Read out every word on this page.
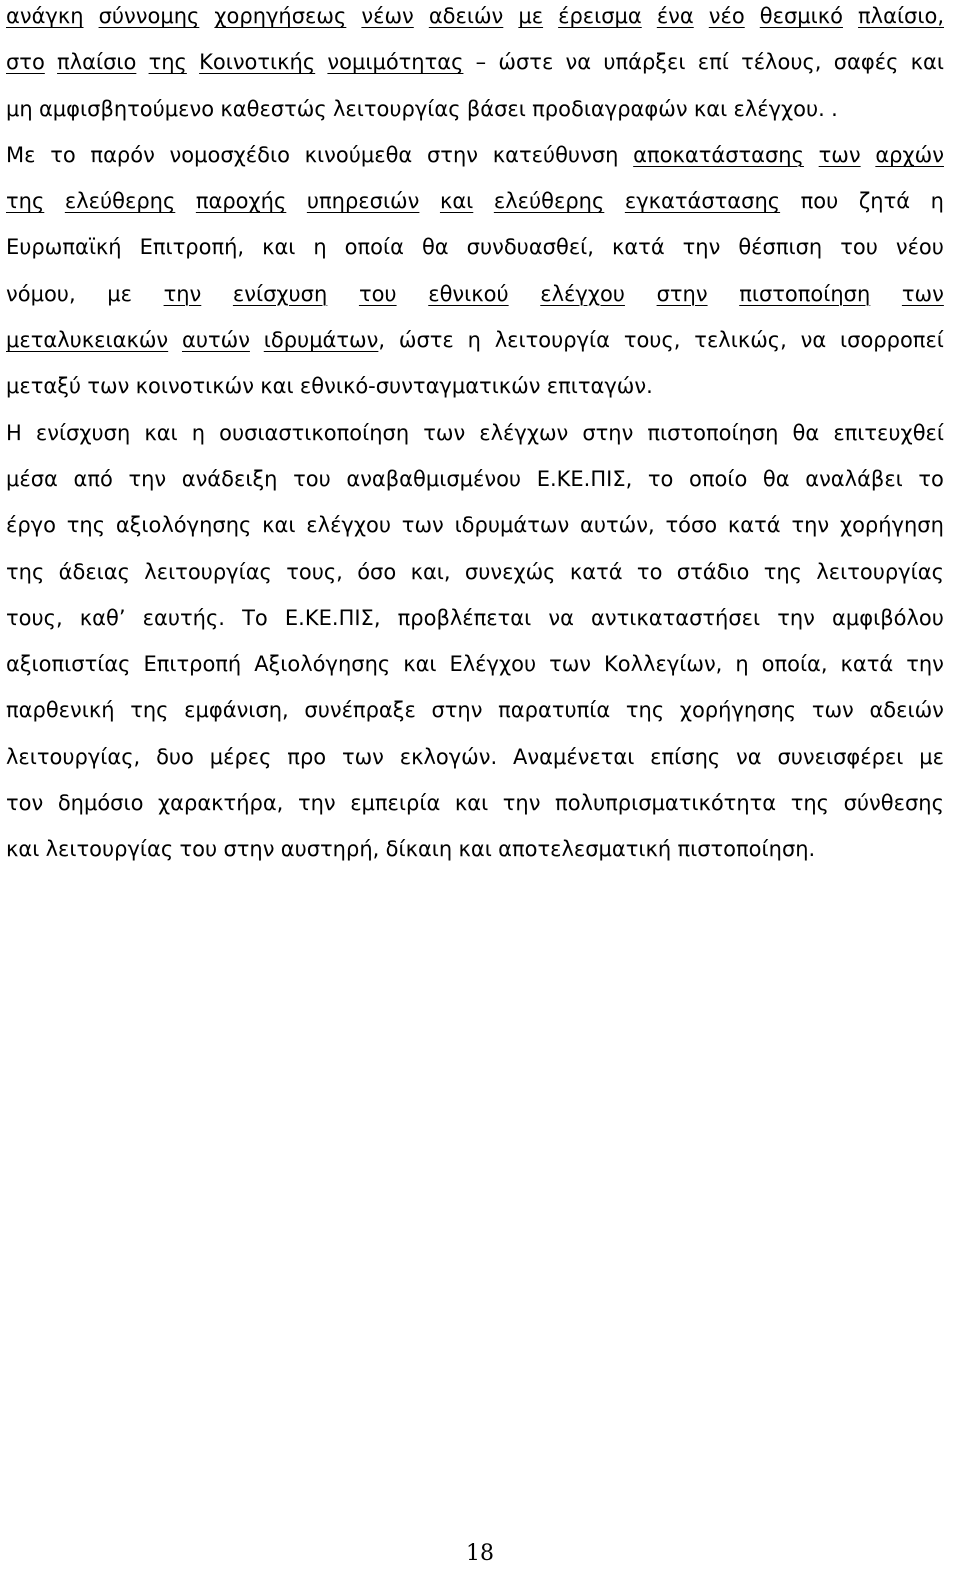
ανάγκη σύννομης χορηγήσεως νέων αδειών με έρεισμα ένα νέο θεσμικό πλαίσιο,
στο πλαίσιο της Κοινοτικής νομιμότητας – ώστε να υπάρξει επί τέλους, σαφές και
μη αμφισβητούμενο καθεστώς λειτουργίας βάσει προδιαγραφών και ελέγχου. .
Με το παρόν νομοσχέδιο κινούμεθα στην κατεύθυνση αποκατάστασης των αρχών
της ελεύθερης παροχής υπηρεσιών και ελεύθερης εγκατάστασης που ζητά η
Ευρωπαϊκή Επιτροπή, και η οποία θα συνδυασθεί, κατά την θέσπιση του νέου
νόμου, με την ενίσχυση του εθνικού ελέγχου στην πιστοποίηση των
μεταλυκειακών αυτών ιδρυμάτων, ώστε η λειτουργία τους, τελικώς, να ισορροπεί
μεταξύ των κοινοτικών και εθνικό-συνταγματικών επιταγών.
Η ενίσχυση και η ουσιαστικοποίηση των ελέγχων στην πιστοποίηση θα επιτευχθεί
μέσα από την ανάδειξη του αναβαθμισμένου Ε.ΚΕ.ΠΙΣ, το οποίο θα αναλάβει το
έργο της αξιολόγησης και ελέγχου των ιδρυμάτων αυτών, τόσο κατά την χορήγηση
της άδειας λειτουργίας τους, όσο και, συνεχώς κατά το στάδιο της λειτουργίας
τους, καθ’ εαυτής. Το Ε.ΚΕ.ΠΙΣ, προβλέπεται να αντικαταστήσει την αμφιβόλου
αξιοπιστίας Επιτροπή Αξιολόγησης και Ελέγχου των Κολλεγίων, η οποία, κατά την
παρθενική της εμφάνιση, συνέπραξε στην παρατυπία της χορήγησης των αδειών
λειτουργίας, δυο μέρες προ των εκλογών. Αναμένεται επίσης να συνεισφέρει με
τον δημόσιο χαρακτήρα, την εμπειρία και την πολυπρισματικότητα της σύνθεσης
και λειτουργίας του στην αυστηρή, δίκαιη και αποτελεσματική πιστοποίηση.
18
